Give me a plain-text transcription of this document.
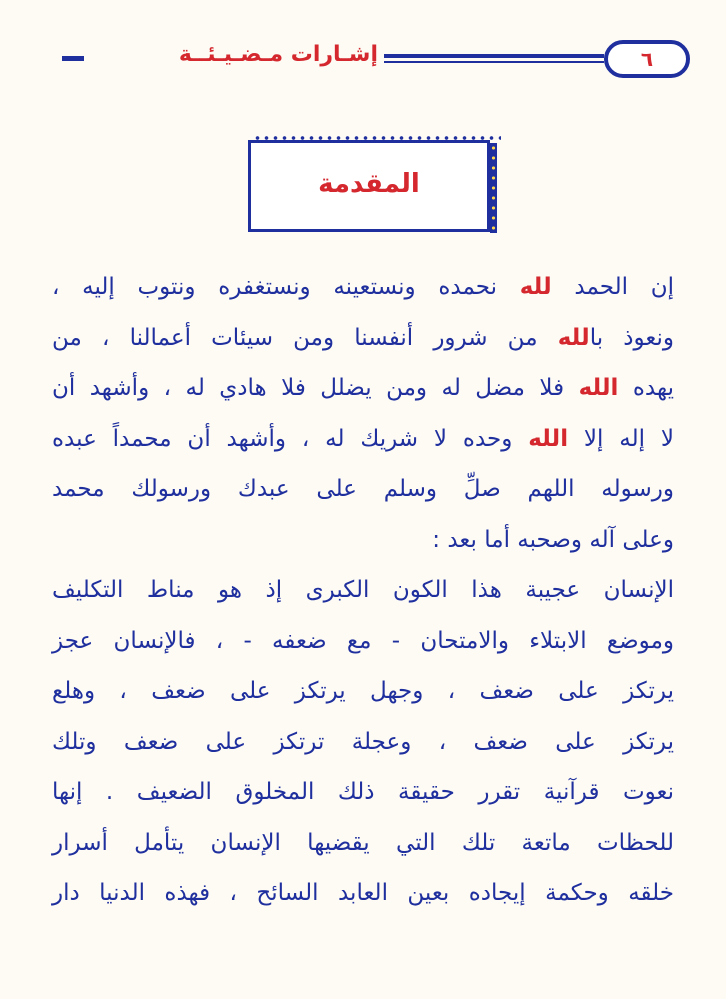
إشـارات مـضـيـئــة	٦
المقدمة
إن الحمد لله نحمده ونستعينه ونستغفره ونتوب إليه ،
ونعوذ بالله من شرور أنفسنا ومن سيئات أعمالنا ، من
يهده الله فلا مضل له ومن يضلل فلا هادي له ، وأشهد أن
لا إله إلا الله وحده لا شريك له ، وأشهد أن محمداً عبده
ورسوله اللهم صلِّ وسلم على عبدك ورسولك محمد
وعلى آله وصحبه أما بعد :
الإنسان عجيبة هذا الكون الكبرى إذ هو مناط التكليف
وموضع الابتلاء والامتحان - مع ضعفه - ، فالإنسان عجز
يرتكز على ضعف ، وجهل يرتكز على ضعف ، وهلع
يرتكز على ضعف ، وعجلة ترتكز على ضعف وتلك
نعوت قرآنية تقرر حقيقة ذلك المخلوق الضعيف . إنها
للحظات ماتعة تلك التي يقضيها الإنسان يتأمل أسرار
خلقه وحكمة إيجاده بعين العابد السائح ، فهذه الدنيا دار
